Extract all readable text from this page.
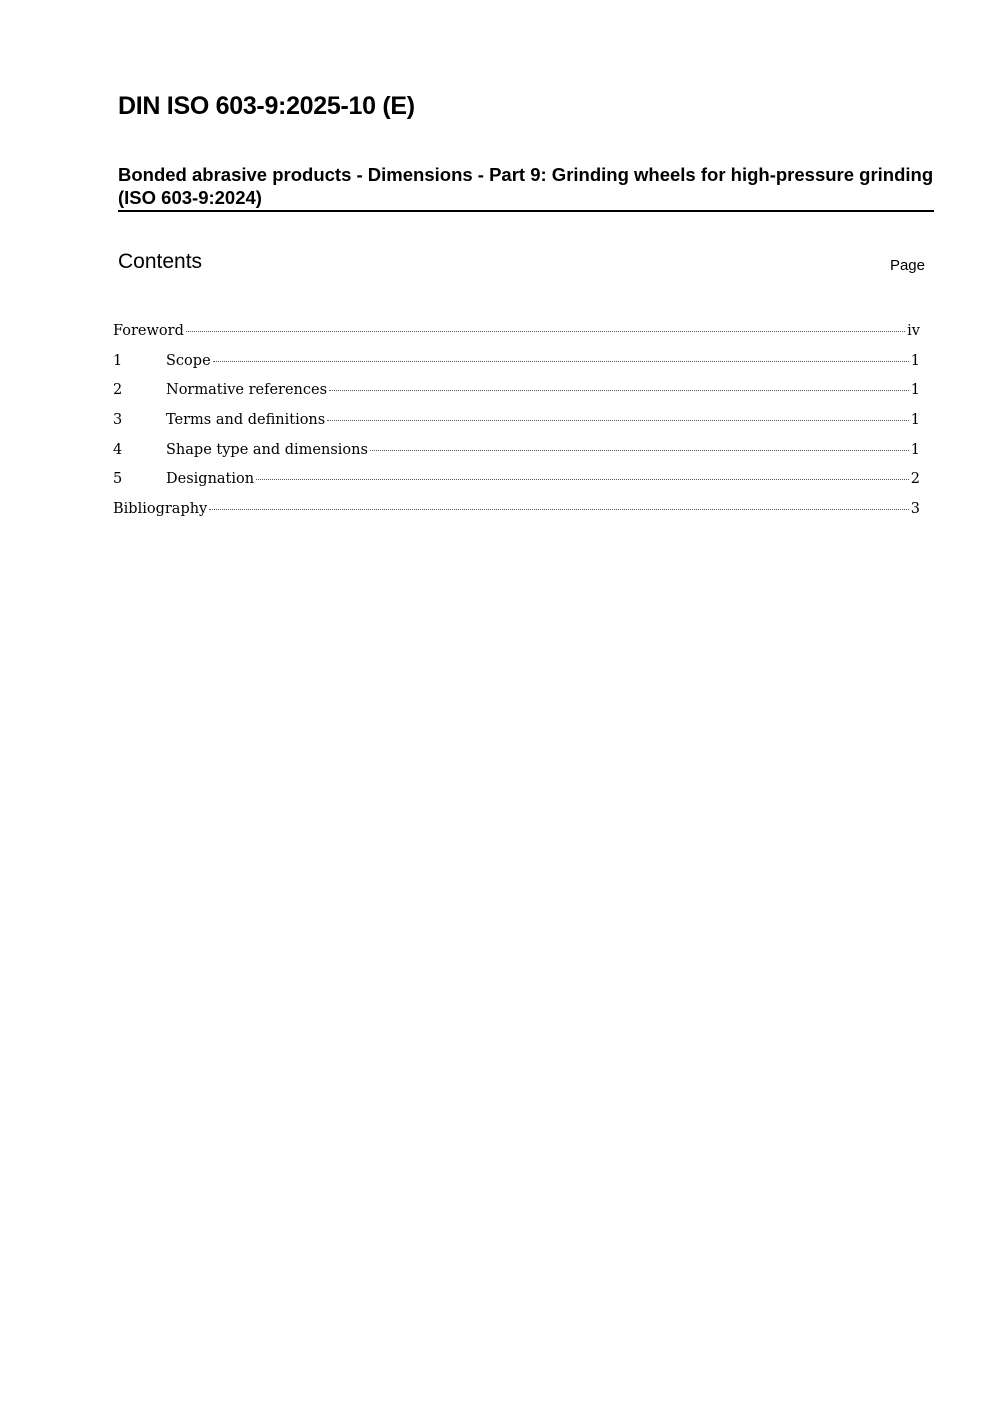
DIN ISO 603-9:2025-10 (E)
Bonded abrasive products - Dimensions - Part 9: Grinding wheels for high-pressure grinding (ISO 603-9:2024)
Contents	Page
Foreword	iv
1	Scope	1
2	Normative references	1
3	Terms and definitions	1
4	Shape type and dimensions	1
5	Designation	2
Bibliography	3
